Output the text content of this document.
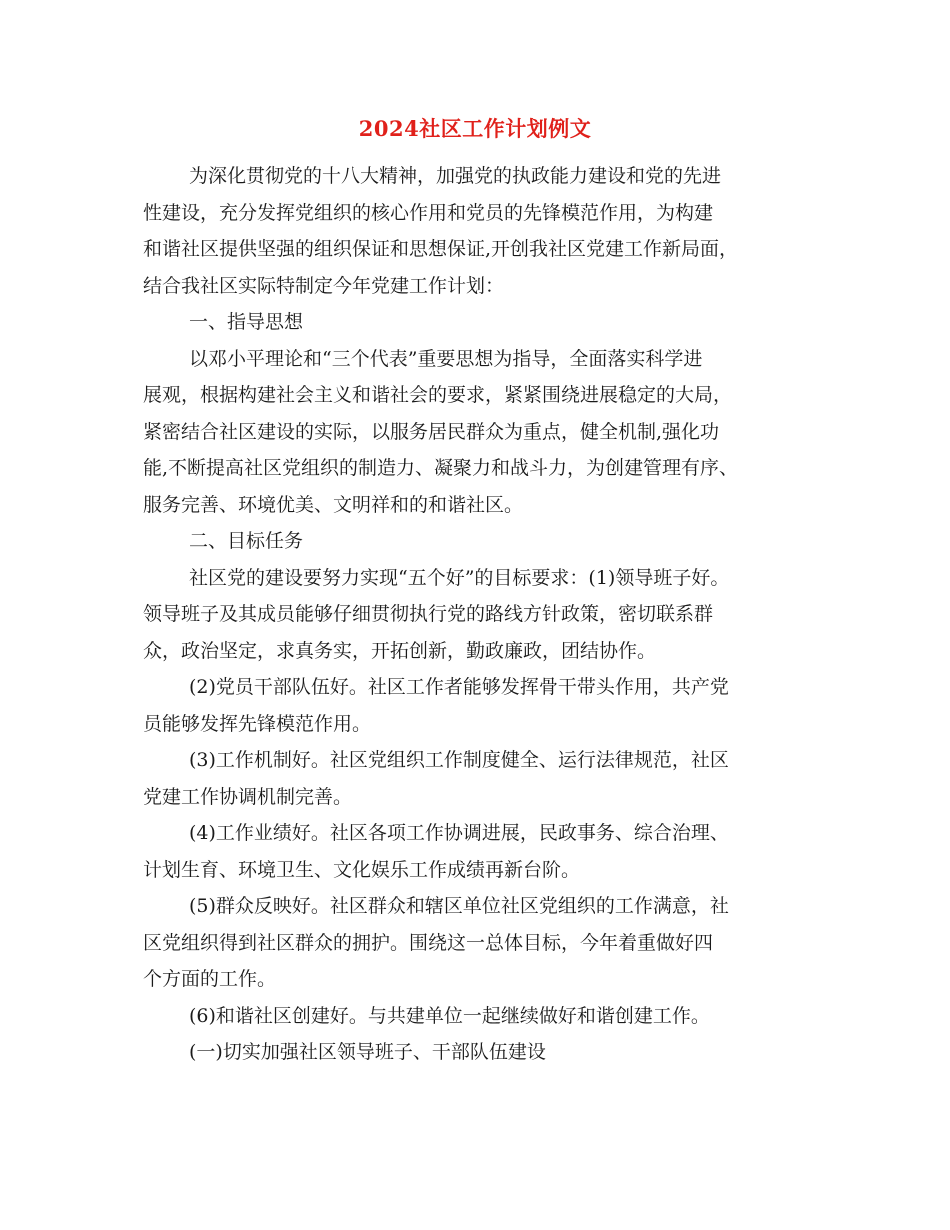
2024社区工作计划例文
为深化贯彻党的十八大精神，加强党的执政能力建设和党的先进
性建设，充分发挥党组织的核心作用和党员的先锋模范作用，为构建
和谐社区提供坚强的组织保证和思想保证,开创我社区党建工作新局面，
结合我社区实际特制定今年党建工作计划：
一、指导思想
以邓小平理论和“三个代表”重要思想为指导，全面落实科学进
展观，根据构建社会主义和谐社会的要求，紧紧围绕进展稳定的大局，
紧密结合社区建设的实际，以服务居民群众为重点，健全机制,强化功
能,不断提高社区党组织的制造力、凝聚力和战斗力，为创建管理有序、
服务完善、环境优美、文明祥和的和谐社区。
二、目标任务
社区党的建设要努力实现“五个好”的目标要求：(1)领导班子好。
领导班子及其成员能够仔细贯彻执行党的路线方针政策，密切联系群
众，政治坚定，求真务实，开拓创新，勤政廉政，团结协作。
(2)党员干部队伍好。社区工作者能够发挥骨干带头作用，共产党
员能够发挥先锋模范作用。
(3)工作机制好。社区党组织工作制度健全、运行法律规范，社区
党建工作协调机制完善。
(4)工作业绩好。社区各项工作协调进展，民政事务、综合治理、
计划生育、环境卫生、文化娱乐工作成绩再新台阶。
(5)群众反映好。社区群众和辖区单位社区党组织的工作满意，社
区党组织得到社区群众的拥护。围绕这一总体目标，今年着重做好四
个方面的工作。
(6)和谐社区创建好。与共建单位一起继续做好和谐创建工作。
(一)切实加强社区领导班子、干部队伍建设
